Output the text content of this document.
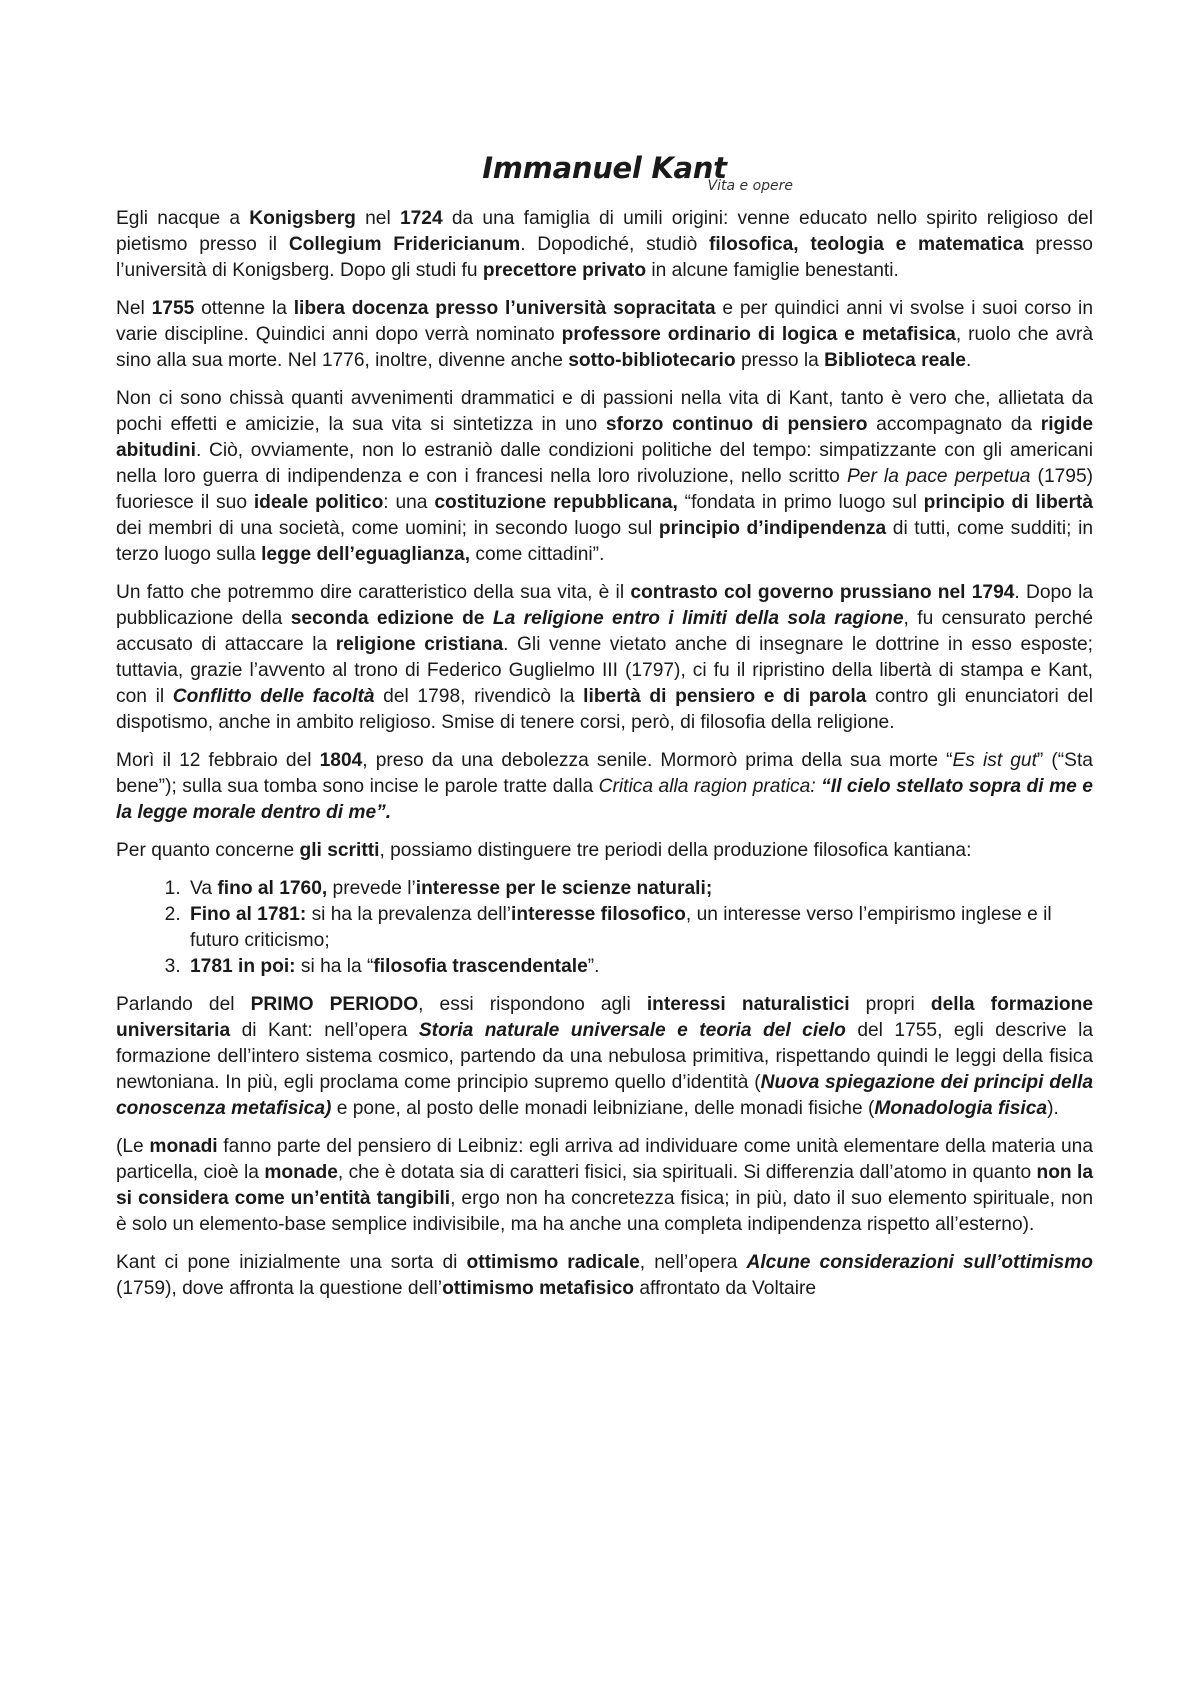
Immanuel Kant
Vita e opere

Egli nacque a Konigsberg nel 1724 da una famiglia di umili origini: venne educato nello spirito religioso del pietismo presso il Collegium Fridericianum. Dopodiché, studiò filosofica, teologia e matematica presso l’università di Konigsberg. Dopo gli studi fu precettore privato in alcune famiglie benestanti.

Nel 1755 ottenne la libera docenza presso l’università sopracitata e per quindici anni vi svolse i suoi corso in varie discipline. Quindici anni dopo verrà nominato professore ordinario di logica e metafisica, ruolo che avrà sino alla sua morte. Nel 1776, inoltre, divenne anche sotto-bibliotecario presso la Biblioteca reale.

Non ci sono chissà quanti avvenimenti drammatici e di passioni nella vita di Kant, tanto è vero che, allietata da pochi effetti e amicizie, la sua vita si sintetizza in uno sforzo continuo di pensiero accompagnato da rigide abitudini. Ciò, ovviamente, non lo estraniò dalle condizioni politiche del tempo: simpatizzante con gli americani nella loro guerra di indipendenza e con i francesi nella loro rivoluzione, nello scritto Per la pace perpetua (1795) fuoriesce il suo ideale politico: una costituzione repubblicana, “fondata in primo luogo sul principio di libertà dei membri di una società, come uomini; in secondo luogo sul principio d’indipendenza di tutti, come sudditi; in terzo luogo sulla legge dell’eguaglianza, come cittadini”.

Un fatto che potremmo dire caratteristico della sua vita, è il contrasto col governo prussiano nel 1794. Dopo la pubblicazione della seconda edizione de La religione entro i limiti della sola ragione, fu censurato perché accusato di attaccare la religione cristiana. Gli venne vietato anche di insegnare le dottrine in esso esposte; tuttavia, grazie l’avvento al trono di Federico Guglielmo III (1797), ci fu il ripristino della libertà di stampa e Kant, con il Conflitto delle facoltà del 1798, rivendicò la libertà di pensiero e di parola contro gli enunciatori del dispotismo, anche in ambito religioso. Smise di tenere corsi, però, di filosofia della religione.

Morì il 12 febbraio del 1804, preso da una debolezza senile. Mormorò prima della sua morte “Es ist gut” (“Sta bene”); sulla sua tomba sono incise le parole tratte dalla Critica alla ragion pratica: “Il cielo stellato sopra di me e la legge morale dentro di me”.

Per quanto concerne gli scritti, possiamo distinguere tre periodi della produzione filosofica kantiana:

1. Va fino al 1760, prevede l’interesse per le scienze naturali;
2. Fino al 1781: si ha la prevalenza dell’interesse filosofico, un interesse verso l’empirismo inglese e il futuro criticismo;
3. 1781 in poi: si ha la “filosofia trascendentale”.

Parlando del PRIMO PERIODO, essi rispondono agli interessi naturalistici propri della formazione universitaria di Kant: nell’opera Storia naturale universale e teoria del cielo del 1755, egli descrive la formazione dell’intero sistema cosmico, partendo da una nebulosa primitiva, rispettando quindi le leggi della fisica newtoniana. In più, egli proclama come principio supremo quello d’identità (Nuova spiegazione dei principi della conoscenza metafisica) e pone, al posto delle monadi leibniziane, delle monadi fisiche (Monadologia fisica).

(Le monadi fanno parte del pensiero di Leibniz: egli arriva ad individuare come unità elementare della materia una particella, cioè la monade, che è dotata sia di caratteri fisici, sia spirituali. Si differenzia dall’atomo in quanto non la si considera come un’entità tangibili, ergo non ha concretezza fisica; in più, dato il suo elemento spirituale, non è solo un elemento-base semplice indivisibile, ma ha anche una completa indipendenza rispetto all’esterno).

Kant ci pone inizialmente una sorta di ottimismo radicale, nell’opera Alcune considerazioni sull’ottimismo (1759), dove affronta la questione dell’ottimismo metafisico affrontato da Voltaire
